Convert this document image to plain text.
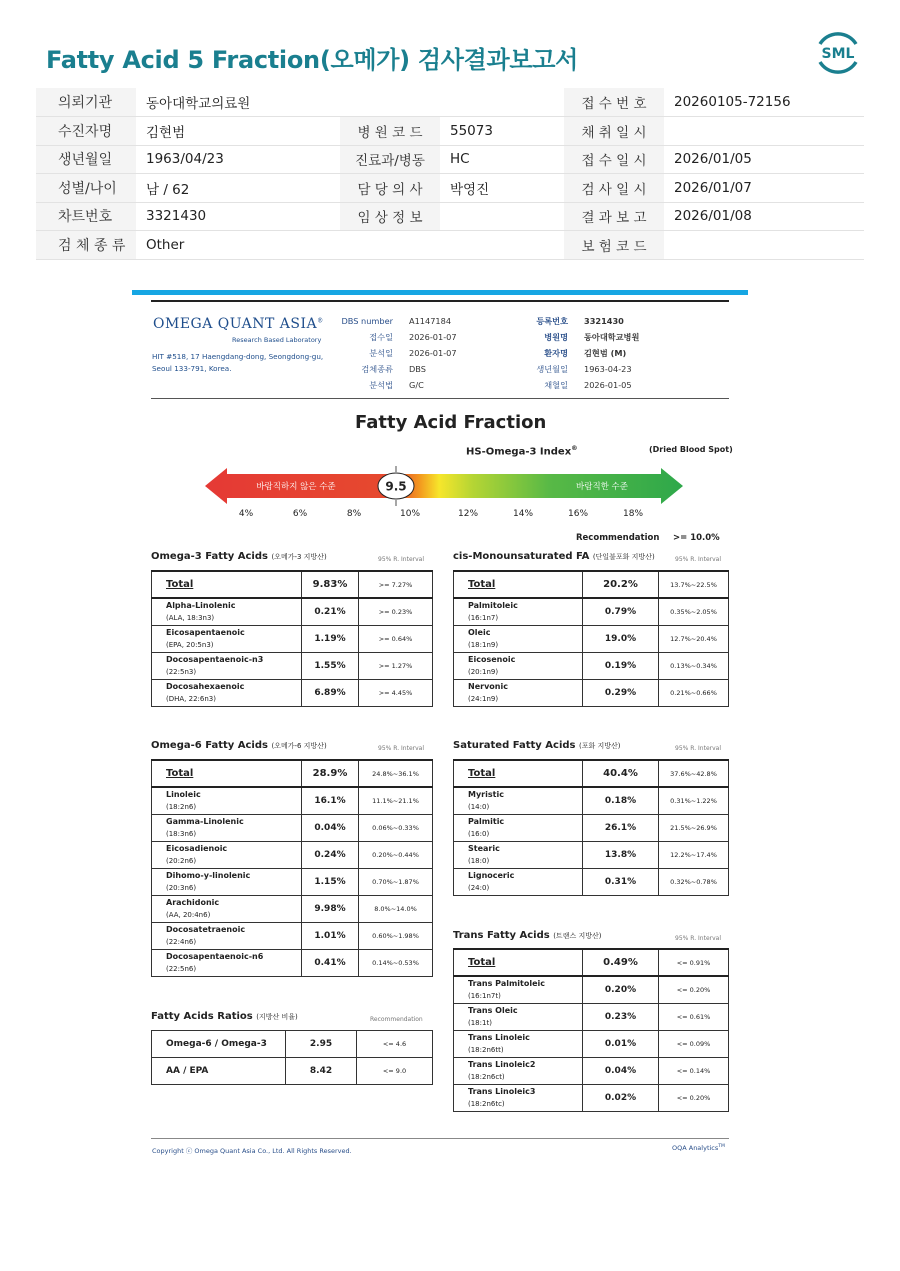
Fatty Acid 5 Fraction(오메가) 검사결과보고서	SML
의뢰기관	동아대학교의료원			접 수 번 호	20260105-72156
수진자명	김현범	병 원 코 드	55073	채 취 일 시	
생년월일	1963/04/23	진료과/병동	HC	접 수 일 시	2026/01/05
성별/나이	남 / 62	담 당 의 사	박영진	검 사 일 시	2026/01/07
차트번호	3321430	임 상 정 보		결 과 보 고	2026/01/08
검 체 종 류	Other			보 험 코 드	
OMEGA QUANT ASIA®
Research Based Laboratory
HIT #518, 17 Haengdang-dong, Seongdong-gu,
Seoul 133-791, Korea.
DBS number A1147184
접수일 2026-01-07
분석일 2026-01-07
검체종류 DBS
분석법 G/C
등록번호 3321430
병원명 동아대학교병원
환자명 김현범 (M)
생년월일 1963-04-23
채혈일 2026-01-05
Fatty Acid Fraction
HS-Omega-3 Index®	(Dried Blood Spot)
9.5
바람직하지 않은 수준	바람직한 수준
4%	6%	8%	10%	12%	14%	16%	18%
Recommendation >= 10.0%
Omega-3 Fatty Acids (오메가-3 지방산)	95% R. Interval
Total	9.83%	>= 7.27%
Alpha-Linolenic
(ALA, 18:3n3)	0.21%	>= 0.23%
Eicosapentaenoic
(EPA, 20:5n3)	1.19%	>= 0.64%
Docosapentaenoic-n3
(22:5n3)	1.55%	>= 1.27%
Docosahexaenoic
(DHA, 22:6n3)	6.89%	>= 4.45%
cis-Monounsaturated FA (단일불포화 지방산)	95% R. Interval
Total	20.2%	13.7%~22.5%
Palmitoleic
(16:1n7)	0.79%	0.35%~2.05%
Oleic
(18:1n9)	19.0%	12.7%~20.4%
Eicosenoic
(20:1n9)	0.19%	0.13%~0.34%
Nervonic
(24:1n9)	0.29%	0.21%~0.66%
Omega-6 Fatty Acids (오메가-6 지방산)	95% R. Interval
Total	28.9%	24.8%~36.1%
Linoleic
(18:2n6)	16.1%	11.1%~21.1%
Gamma-Linolenic
(18:3n6)	0.04%	0.06%~0.33%
Eicosadienoic
(20:2n6)	0.24%	0.20%~0.44%
Dihomo-y-linolenic
(20:3n6)	1.15%	0.70%~1.87%
Arachidonic
(AA, 20:4n6)	9.98%	8.0%~14.0%
Docosatetraenoic
(22:4n6)	1.01%	0.60%~1.98%
Docosapentaenoic-n6
(22:5n6)	0.41%	0.14%~0.53%
Saturated Fatty Acids (포화 지방산)	95% R. Interval
Total	40.4%	37.6%~42.8%
Myristic
(14:0)	0.18%	0.31%~1.22%
Palmitic
(16:0)	26.1%	21.5%~26.9%
Stearic
(18:0)	13.8%	12.2%~17.4%
Lignoceric
(24:0)	0.31%	0.32%~0.78%
Trans Fatty Acids (트랜스 지방산)	95% R. Interval
Total	0.49%	<= 0.91%
Trans Palmitoleic
(16:1n7t)	0.20%	<= 0.20%
Trans Oleic
(18:1t)	0.23%	<= 0.61%
Trans Linoleic
(18:2n6tt)	0.01%	<= 0.09%
Trans Linoleic2
(18:2n6ct)	0.04%	<= 0.14%
Trans Linoleic3
(18:2n6tc)	0.02%	<= 0.20%
Fatty Acids Ratios (지방산 비율)	Recommendation
Omega-6 / Omega-3	2.95	<= 4.6
AA / EPA	8.42	<= 9.0
Copyright ⓒ Omega Quant Asia Co., Ltd. All Rights Reserved.	OQA Analytics™
